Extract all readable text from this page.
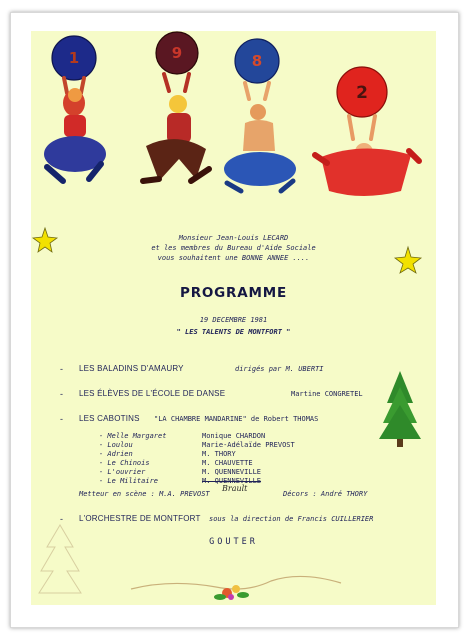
1	9	8
2
Monsieur Jean-Louis LECARD
et les membres du Bureau d'Aide Sociale
vous souhaitent une BONNE ANNEE ....
PROGRAMME
19 DECEMBRE 1981
" LES TALENTS DE MONTFORT "
- LES BALADINS D'AMAURY	dirigés par M. UBERTI
- LES ÉLÈVES DE L'ÉCOLE DE DANSE	Martine CONGRETEL
- LES CABOTINS "LA CHAMBRE MANDARINE" de Robert THOMAS
- Melle Margaret	Monique CHARDON
- Loulou	Marie-Adélaïde PREVOST
- Adrien	M. THORY
- Le Chinois	M. CHAUVETTE
- L'ouvrier	M. QUENNEVILLE
- Le Militaire	M. QUENNEVILLE
Brault
Metteur en scène : M.A. PREVOST	Décors : André THORY
- L'ORCHESTRE DE MONTFORT sous la direction de Francis CUILLERIER
GOUTER
